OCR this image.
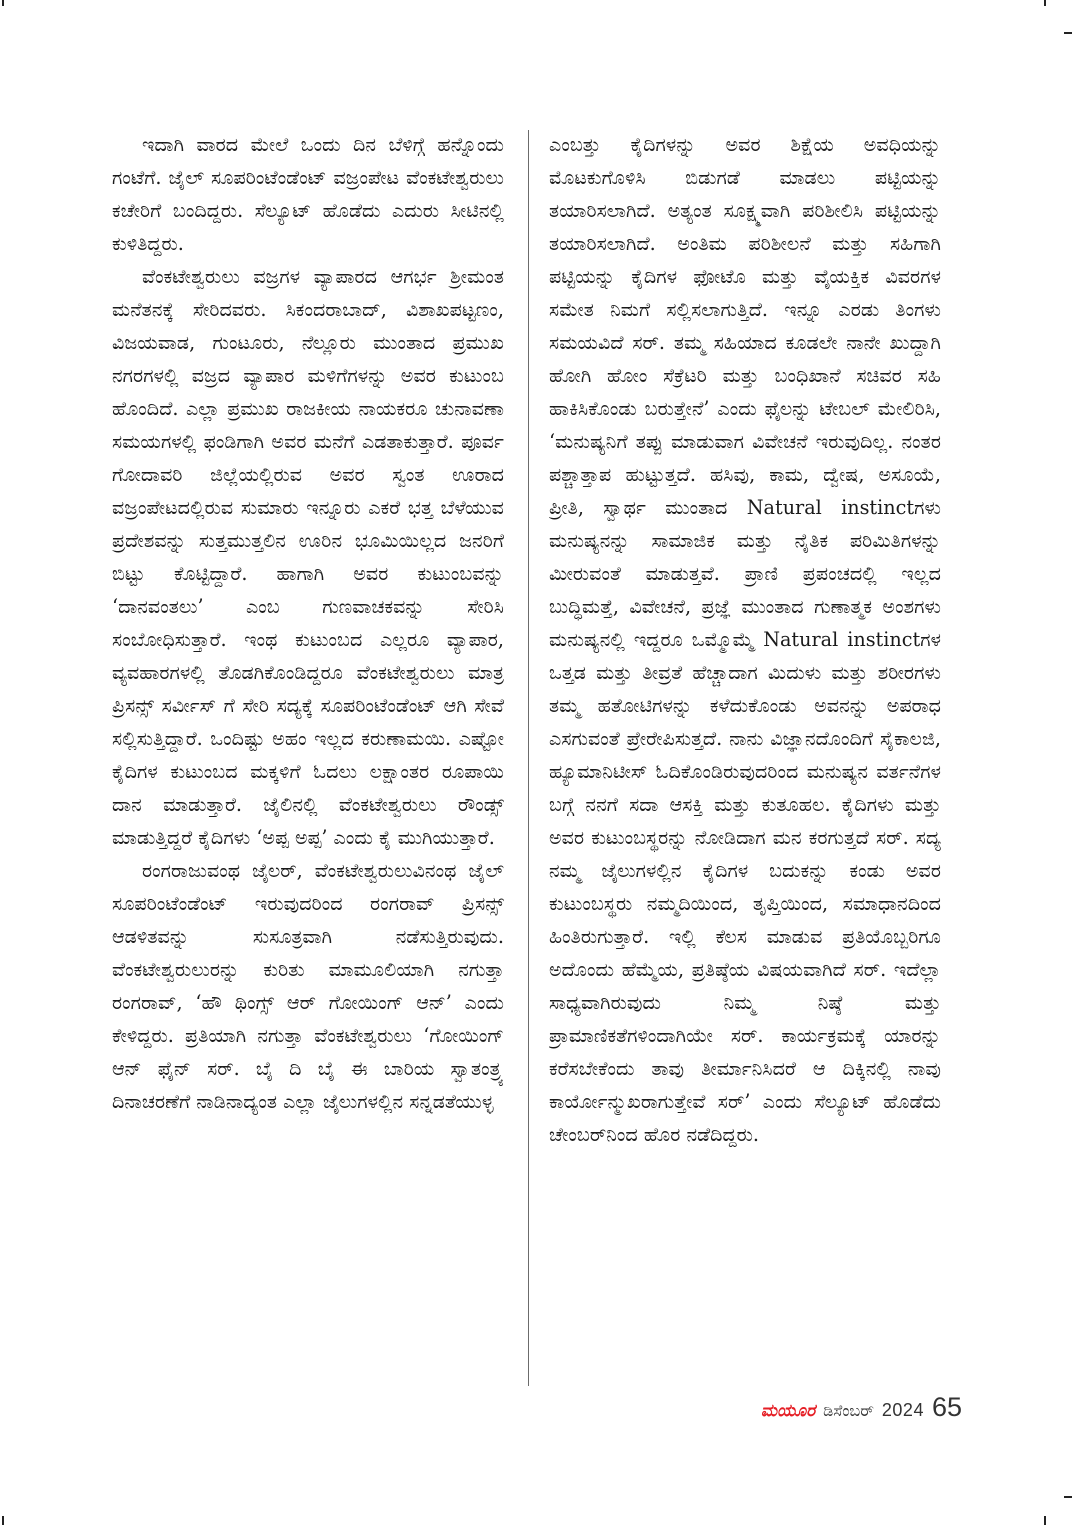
ಇದಾಗಿ ವಾರದ ಮೇಲೆ ಒಂದು ದಿನ ಬೆಳಿಗ್ಗೆ ಹನ್ನೊಂದು ಗಂಟೆಗೆ. ಜೈಲ್ ಸೂಪರಿಂಟೆಂಡೆಂಟ್ ವಜ್ರಂಪೇಟ ವೆಂಕಟೇಶ್ವರುಲು ಕಚೇರಿಗೆ ಬಂದಿದ್ದರು. ಸೆಲ್ಯೂಟ್ ಹೊಡೆದು ಎದುರು ಸೀಟಿನಲ್ಲಿ ಕುಳಿತಿದ್ದರು.

ವೆಂಕಟೇಶ್ವರುಲು ವಜ್ರಗಳ ವ್ಯಾಪಾರದ ಆಗರ್ಭ ಶ್ರೀಮಂತ ಮನೆತನಕ್ಕೆ ಸೇರಿದವರು. ಸಿಕಂದರಾಬಾದ್, ವಿಶಾಖಪಟ್ಟಣಂ, ವಿಜಯವಾಡ, ಗುಂಟೂರು, ನೆಲ್ಲೂರು ಮುಂತಾದ ಪ್ರಮುಖ ನಗರಗಳಲ್ಲಿ ವಜ್ರದ ವ್ಯಾಪಾರ ಮಳಿಗೆಗಳನ್ನು ಅವರ ಕುಟುಂಬ ಹೊಂದಿದೆ. ಎಲ್ಲಾ ಪ್ರಮುಖ ರಾಜಕೀಯ ನಾಯಕರೂ ಚುನಾವಣಾ ಸಮಯಗಳಲ್ಲಿ ಫಂಡಿಗಾಗಿ ಅವರ ಮನೆಗೆ ಎಡತಾಕುತ್ತಾರೆ. ಪೂರ್ವ ಗೋದಾವರಿ ಜಿಲ್ಲೆಯಲ್ಲಿರುವ ಅವರ ಸ್ವಂತ ಊರಾದ ವಜ್ರಂಪೇಟದಲ್ಲಿರುವ ಸುಮಾರು ಇನ್ನೂರು ಎಕರೆ ಭತ್ತ ಬೆಳೆಯುವ ಪ್ರದೇಶವನ್ನು ಸುತ್ತಮುತ್ತಲಿನ ಊರಿನ ಭೂಮಿಯಿಲ್ಲದ ಜನರಿಗೆ ಬಿಟ್ಟು ಕೊಟ್ಟಿದ್ದಾರೆ. ಹಾಗಾಗಿ ಅವರ ಕುಟುಂಬವನ್ನು ‘ದಾನವಂತಲು’ ಎಂಬ ಗುಣವಾಚಕವನ್ನು ಸೇರಿಸಿ ಸಂಬೋಧಿಸುತ್ತಾರೆ. ಇಂಥ ಕುಟುಂಬದ ಎಲ್ಲರೂ ವ್ಯಾಪಾರ, ವ್ಯವಹಾರಗಳಲ್ಲಿ ತೊಡಗಿಕೊಂಡಿದ್ದರೂ ವೆಂಕಟೇಶ್ವರುಲು ಮಾತ್ರ ಪ್ರಿಸನ್ಸ್ ಸರ್ವೀಸ್ ಗೆ ಸೇರಿ ಸದ್ಯಕ್ಕೆ ಸೂಪರಿಂಟೆಂಡೆಂಟ್ ಆಗಿ ಸೇವೆ ಸಲ್ಲಿಸುತ್ತಿದ್ದಾರೆ. ಒಂದಿಷ್ಟು ಅಹಂ ಇಲ್ಲದ ಕರುಣಾಮಯಿ. ಎಷ್ಟೋ ಕೈದಿಗಳ ಕುಟುಂಬದ ಮಕ್ಕಳಿಗೆ ಓದಲು ಲಕ್ಷಾಂತರ ರೂಪಾಯಿ ದಾನ ಮಾಡುತ್ತಾರೆ. ಜೈಲಿನಲ್ಲಿ ವೆಂಕಟೇಶ್ವರುಲು ರೌಂಡ್ಸ್ ಮಾಡುತ್ತಿದ್ದರೆ ಕೈದಿಗಳು ‘ಅಪ್ಪ ಅಪ್ಪ’ ಎಂದು ಕೈ ಮುಗಿಯುತ್ತಾರೆ.

ರಂಗರಾಜುವಂಥ ಜೈಲರ್, ವೆಂಕಟೇಶ್ವರುಲುವಿನಂಥ ಜೈಲ್ ಸೂಪರಿಂಟೆಂಡೆಂಟ್ ಇರುವುದರಿಂದ ರಂಗರಾವ್ ಪ್ರಿಸನ್ಸ್ ಆಡಳಿತವನ್ನು ಸುಸೂತ್ರವಾಗಿ ನಡೆಸುತ್ತಿರುವುದು. ವೆಂಕಟೇಶ್ವರುಲುರನ್ನು ಕುರಿತು ಮಾಮೂಲಿಯಾಗಿ ನಗುತ್ತಾ ರಂಗರಾವ್, ‘ಹೌ ಥಿಂಗ್ಸ್ ಆರ್ ಗೋಯಿಂಗ್ ಆನ್’ ಎಂದು ಕೇಳಿದ್ದರು. ಪ್ರತಿಯಾಗಿ ನಗುತ್ತಾ ವೆಂಕಟೇಶ್ವರುಲು ‘ಗೋಯಿಂಗ್ ಆನ್ ಫೈನ್ ಸರ್. ಬೈ ದಿ ಬೈ ಈ ಬಾರಿಯ ಸ್ವಾತಂತ್ರ್ಯ ದಿನಾಚರಣೆಗೆ ನಾಡಿನಾದ್ಯಂತ ಎಲ್ಲಾ ಜೈಲುಗಳಲ್ಲಿನ ಸನ್ನಡತೆಯುಳ್ಳ

ಎಂಬತ್ತು ಕೈದಿಗಳನ್ನು ಅವರ ಶಿಕ್ಷೆಯ ಅವಧಿಯನ್ನು ಮೊಟಕುಗೊಳಿಸಿ ಬಿಡುಗಡೆ ಮಾಡಲು ಪಟ್ಟಿಯನ್ನು ತಯಾರಿಸಲಾಗಿದೆ. ಅತ್ಯಂತ ಸೂಕ್ಷ್ಮವಾಗಿ ಪರಿಶೀಲಿಸಿ ಪಟ್ಟಿಯನ್ನು ತಯಾರಿಸಲಾಗಿದೆ. ಅಂತಿಮ ಪರಿಶೀಲನೆ ಮತ್ತು ಸಹಿಗಾಗಿ ಪಟ್ಟಿಯನ್ನು ಕೈದಿಗಳ ಫೋಟೊ ಮತ್ತು ವೈಯಕ್ತಿಕ ವಿವರಗಳ ಸಮೇತ ನಿಮಗೆ ಸಲ್ಲಿಸಲಾಗುತ್ತಿದೆ. ಇನ್ನೂ ಎರಡು ತಿಂಗಳು ಸಮಯವಿದೆ ಸರ್. ತಮ್ಮ ಸಹಿಯಾದ ಕೂಡಲೇ ನಾನೇ ಖುದ್ದಾಗಿ ಹೋಗಿ ಹೋಂ ಸೆಕ್ರೆಟರಿ ಮತ್ತು ಬಂಧಿಖಾನೆ ಸಚಿವರ ಸಹಿ ಹಾಕಿಸಿಕೊಂಡು ಬರುತ್ತೇನೆ’ ಎಂದು ಫೈಲನ್ನು ಟೇಬಲ್ ಮೇಲಿರಿಸಿ, ‘ಮನುಷ್ಯನಿಗೆ ತಪ್ಪು ಮಾಡುವಾಗ ವಿವೇಚನೆ ಇರುವುದಿಲ್ಲ. ನಂತರ ಪಶ್ಚಾತ್ತಾಪ ಹುಟ್ಟುತ್ತದೆ. ಹಸಿವು, ಕಾಮ, ದ್ವೇಷ, ಅಸೂಯೆ, ಪ್ರೀತಿ, ಸ್ವಾರ್ಥ ಮುಂತಾದ Natural instinctಗಳು ಮನುಷ್ಯನನ್ನು ಸಾಮಾಜಿಕ ಮತ್ತು ನೈತಿಕ ಪರಿಮಿತಿಗಳನ್ನು ಮೀರುವಂತೆ ಮಾಡುತ್ತವೆ. ಪ್ರಾಣಿ ಪ್ರಪಂಚದಲ್ಲಿ ಇಲ್ಲದ ಬುದ್ಧಿಮತ್ತೆ, ವಿವೇಚನೆ, ಪ್ರಜ್ಞೆ ಮುಂತಾದ ಗುಣಾತ್ಮಕ ಅಂಶಗಳು ಮನುಷ್ಯನಲ್ಲಿ ಇದ್ದರೂ ಒಮ್ಮೊಮ್ಮೆ Natural instinctಗಳ ಒತ್ತಡ ಮತ್ತು ತೀವ್ರತೆ ಹೆಚ್ಚಾದಾಗ ಮಿದುಳು ಮತ್ತು ಶರೀರಗಳು ತಮ್ಮ ಹತೋಟಿಗಳನ್ನು ಕಳೆದುಕೊಂಡು ಅವನನ್ನು ಅಪರಾಧ ಎಸಗುವಂತೆ ಪ್ರೇರೇಪಿಸುತ್ತದೆ. ನಾನು ವಿಜ್ಞಾನದೊಂದಿಗೆ ಸೈಕಾಲಜಿ, ಹ್ಯೂಮಾನಿಟೀಸ್ ಓದಿಕೊಂಡಿರುವುದರಿಂದ ಮನುಷ್ಯನ ವರ್ತನೆಗಳ ಬಗ್ಗೆ ನನಗೆ ಸದಾ ಆಸಕ್ತಿ ಮತ್ತು ಕುತೂಹಲ. ಕೈದಿಗಳು ಮತ್ತು ಅವರ ಕುಟುಂಬಸ್ಥರನ್ನು ನೋಡಿದಾಗ ಮನ ಕರಗುತ್ತದೆ ಸರ್. ಸದ್ಯ ನಮ್ಮ ಜೈಲುಗಳಲ್ಲಿನ ಕೈದಿಗಳ ಬದುಕನ್ನು ಕಂಡು ಅವರ ಕುಟುಂಬಸ್ಥರು ನಮ್ಮದಿಯಿಂದ, ತೃಪ್ತಿಯಿಂದ, ಸಮಾಧಾನದಿಂದ ಹಿಂತಿರುಗುತ್ತಾರೆ. ಇಲ್ಲಿ ಕೆಲಸ ಮಾಡುವ ಪ್ರತಿಯೊಬ್ಬರಿಗೂ ಅದೊಂದು ಹೆಮ್ಮೆಯ, ಪ್ರತಿಷ್ಠೆಯ ವಿಷಯವಾಗಿದೆ ಸರ್. ಇದೆಲ್ಲಾ ಸಾಧ್ಯವಾಗಿರುವುದು ನಿಮ್ಮ ನಿಷ್ಠೆ ಮತ್ತು ಪ್ರಾಮಾಣಿಕತೆಗಳಿಂದಾಗಿಯೇ ಸರ್. ಕಾರ್ಯಕ್ರಮಕ್ಕೆ ಯಾರನ್ನು ಕರೆಸಬೇಕೆಂದು ತಾವು ತೀರ್ಮಾನಿಸಿದರೆ ಆ ದಿಕ್ಕಿನಲ್ಲಿ ನಾವು ಕಾರ್ಯೋನ್ಮುಖರಾಗುತ್ತೇವೆ ಸರ್’ ಎಂದು ಸೆಲ್ಯೂಟ್ ಹೊಡೆದು ಚೇಂಬರ್‌ನಿಂದ ಹೊರ ನಡೆದಿದ್ದರು.

ಮಯೂರ ಡಿಸೆಂಬರ್ 2024 65
